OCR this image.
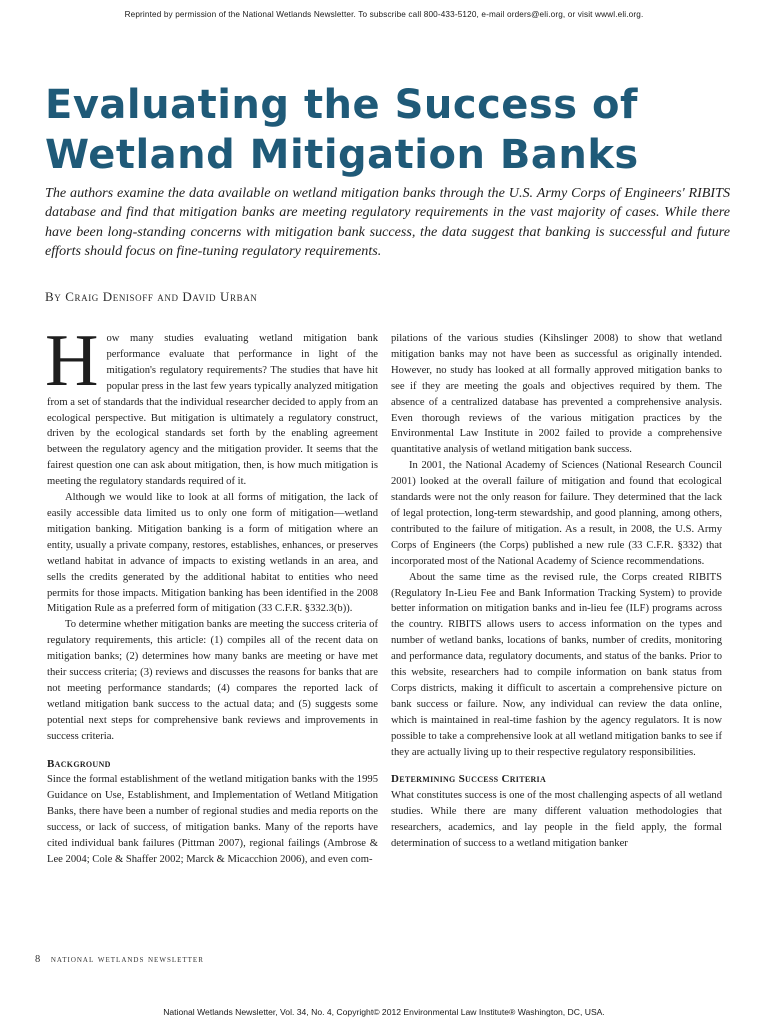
Reprinted by permission of the National Wetlands Newsletter. To subscribe call 800-433-5120, e-mail orders@eli.org, or visit wwwl.eli.org.
Evaluating the Success of
Wetland Mitigation Banks

The authors examine the data available on wetland mitigation banks through the U.S. Army Corps of Engineers' RIBITS database and find that mitigation banks are meeting regulatory requirements in the vast majority of cases. While there have been long-standing concerns with mitigation bank success, the data suggest that banking is successful and future efforts should focus on fine-tuning regulatory requirements.

By Craig Denisoff and David Urban

How many studies evaluating wetland mitigation bank performance evaluate that performance in light of the mitigation's regulatory requirements? The studies that have hit popular press in the last few years typically analyzed mitigation from a set of standards that the individual researcher decided to apply from an ecological perspective. But mitigation is ultimately a regulatory construct, driven by the ecological standards set forth by the enabling agreement between the regulatory agency and the mitigation provider. It seems that the fairest question one can ask about mitigation, then, is how much mitigation is meeting the regulatory standards required of it.

Although we would like to look at all forms of mitigation, the lack of easily accessible data limited us to only one form of mitigation—wetland mitigation banking. Mitigation banking is a form of mitigation where an entity, usually a private company, restores, establishes, enhances, or preserves wetland habitat in advance of impacts to existing wetlands in an area, and sells the credits generated by the additional habitat to entities who need permits for those impacts. Mitigation banking has been identified in the 2008 Mitigation Rule as a preferred form of mitigation (33 C.F.R. §332.3(b)).

To determine whether mitigation banks are meeting the success criteria of regulatory requirements, this article: (1) compiles all of the recent data on mitigation banks; (2) determines how many banks are meeting or have met their success criteria; (3) reviews and discusses the reasons for banks that are not meeting performance standards; (4) compares the reported lack of wetland mitigation bank success to the actual data; and (5) suggests some potential next steps for comprehensive bank reviews and improvements in success criteria.

Background

Since the formal establishment of the wetland mitigation banks with the 1995 Guidance on Use, Establishment, and Implementation of Wetland Mitigation Banks, there have been a number of regional studies and media reports on the success, or lack of success, of mitigation banks. Many of the reports have cited individual bank failures (Pittman 2007), regional failings (Ambrose & Lee 2004; Cole & Shaffer 2002; Marck & Micacchion 2006), and even com-

pilations of the various studies (Kihslinger 2008) to show that wetland mitigation banks may not have been as successful as originally intended. However, no study has looked at all formally approved mitigation banks to see if they are meeting the goals and objectives required by them. The absence of a centralized database has prevented a comprehensive analysis. Even thorough reviews of the various mitigation practices by the Environmental Law Institute in 2002 failed to provide a comprehensive quantitative analysis of wetland mitigation bank success.

In 2001, the National Academy of Sciences (National Research Council 2001) looked at the overall failure of mitigation and found that ecological standards were not the only reason for failure. They determined that the lack of legal protection, long-term stewardship, and good planning, among others, contributed to the failure of mitigation. As a result, in 2008, the U.S. Army Corps of Engineers (the Corps) published a new rule (33 C.F.R. §332) that incorporated most of the National Academy of Science recommendations.

About the same time as the revised rule, the Corps created RIBITS (Regulatory In-Lieu Fee and Bank Information Tracking System) to provide better information on mitigation banks and in-lieu fee (ILF) programs across the country. RIBITS allows users to access information on the types and number of wetland banks, locations of banks, number of credits, monitoring and performance data, regulatory documents, and status of the banks. Prior to this website, researchers had to compile information on bank status from Corps districts, making it difficult to ascertain a comprehensive picture on bank success or failure. Now, any individual can review the data online, which is maintained in real-time fashion by the agency regulators. It is now possible to take a comprehensive look at all wetland mitigation banks to see if they are actually living up to their respective regulatory responsibilities.

Determining Success Criteria

What constitutes success is one of the most challenging aspects of all wetland studies. While there are many different valuation methodologies that researchers, academics, and lay people in the field apply, the formal determination of success to a wetland mitigation banker

8 national wetlands newsletter
National Wetlands Newsletter, Vol. 34, No. 4, Copyright© 2012 Environmental Law Institute® Washington, DC, USA.
